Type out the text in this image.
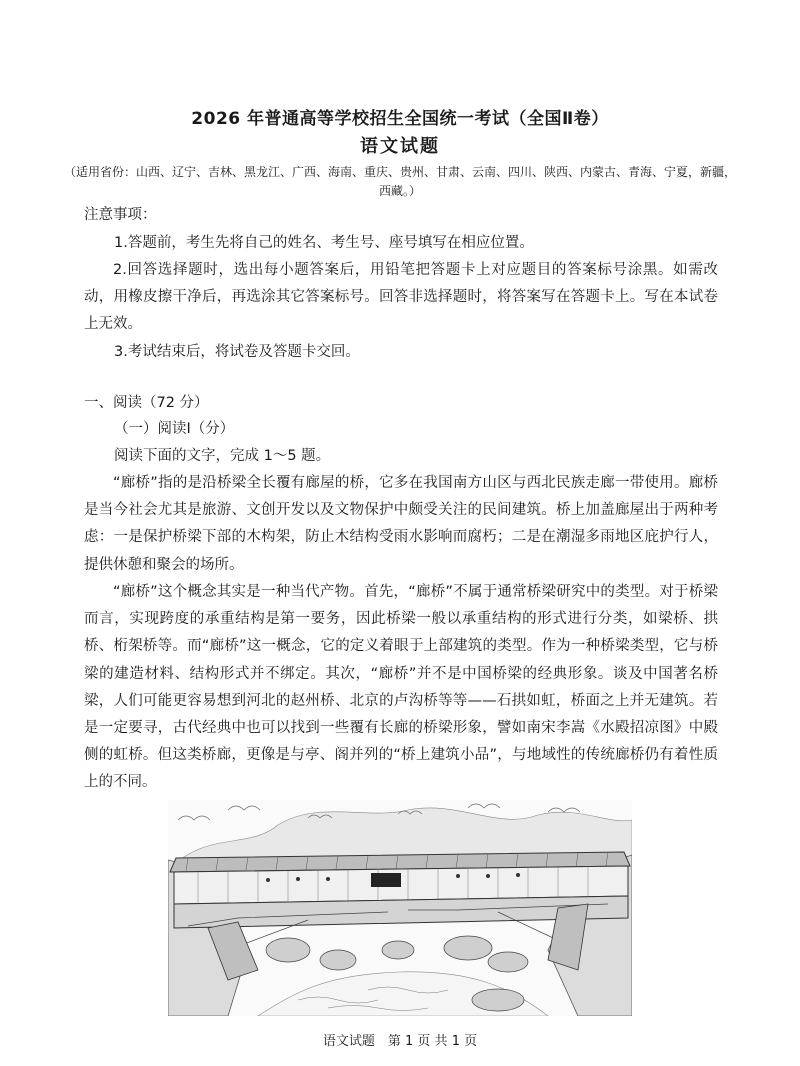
2026 年普通高等学校招生全国统一考试（全国Ⅱ卷）
语文试题
（适用省份：山西、辽宁、吉林、黑龙江、广西、海南、重庆、贵州、甘肃、云南、四川、陕西、内蒙古、青海、宁夏，新疆，西藏。）
注意事项：
1.答题前，考生先将自己的姓名、考生号、座号填写在相应位置。

2.回答选择题时，选出每小题答案后，用铅笔把答题卡上对应题目的答案标号涂黑。如需改动，用橡皮擦干净后，再选涂其它答案标号。回答非选择题时，将答案写在答题卡上。写在本试卷上无效。

3.考试结束后，将试卷及答题卡交回。
一、阅读（72 分）
（一）阅读Ⅰ（分）
阅读下面的文字，完成 1～5 题。

“廊桥”指的是沿桥梁全长覆有廊屋的桥，它多在我国南方山区与西北民族走廊一带使用。廊桥是当今社会尤其是旅游、文创开发以及文物保护中颇受关注的民间建筑。桥上加盖廊屋出于两种考虑：一是保护桥梁下部的木构架，防止木结构受雨水影响而腐朽；二是在潮湿多雨地区庇护行人，提供休憩和聚会的场所。

“廊桥”这个概念其实是一种当代产物。首先，“廊桥”不属于通常桥梁研究中的类型。对于桥梁而言，实现跨度的承重结构是第一要务，因此桥梁一般以承重结构的形式进行分类，如梁桥、拱桥、桁架桥等。而“廊桥”这一概念，它的定义着眼于上部建筑的类型。作为一种桥梁类型，它与桥梁的建造材料、结构形式并不绑定。其次，“廊桥”并不是中国桥梁的经典形象。谈及中国著名桥梁，人们可能更容易想到河北的赵州桥、北京的卢沟桥等等——石拱如虹，桥面之上并无建筑。若是一定要寻，古代经典中也可以找到一些覆有长廊的桥梁形象，譬如南宋李嵩《水殿招凉图》中殿侧的虹桥。但这类桥廊，更像是与亭、阁并列的“桥上建筑小品”，与地域性的传统廊桥仍有着性质上的不同。

语文试题　第 1 页 共 1 页
